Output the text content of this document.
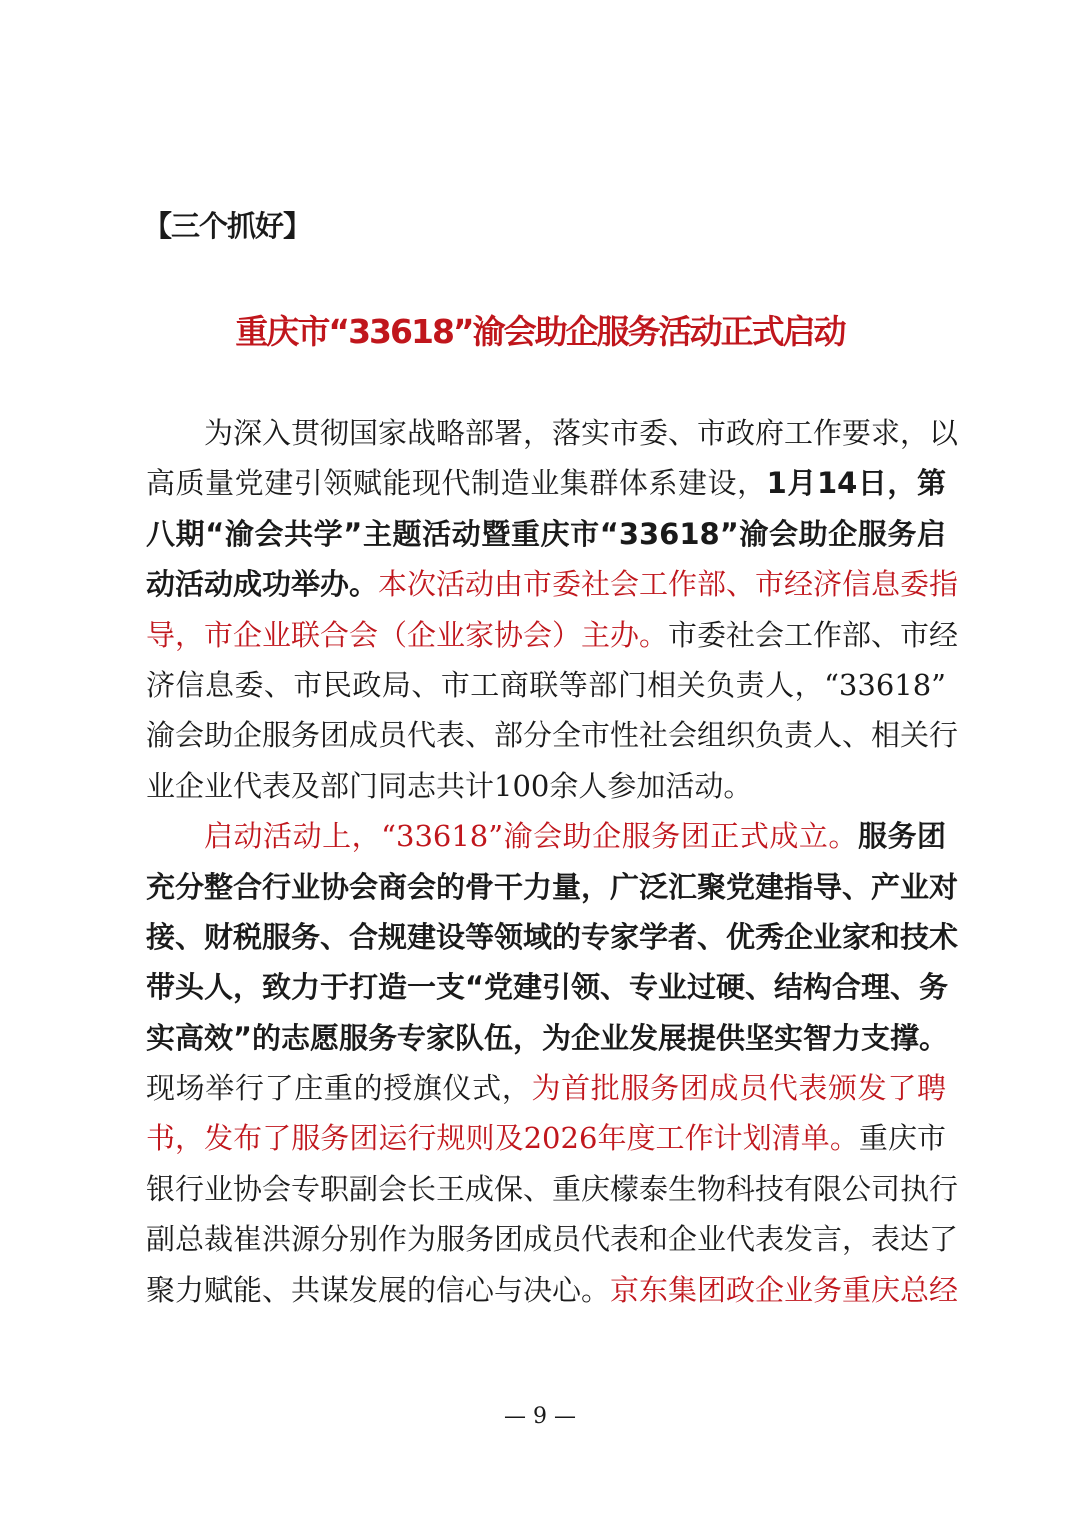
【三个抓好】
重庆市“33618”渝会助企服务活动正式启动
为深入贯彻国家战略部署，落实市委、市政府工作要求，以
高质量党建引领赋能现代制造业集群体系建设，1月14日，第
八期“渝会共学”主题活动暨重庆市“33618”渝会助企服务启
动活动成功举办。本次活动由市委社会工作部、市经济信息委指
导，市企业联合会（企业家协会）主办。市委社会工作部、市经
济信息委、市民政局、市工商联等部门相关负责人，“33618”
渝会助企服务团成员代表、部分全市性社会组织负责人、相关行
业企业代表及部门同志共计100余人参加活动。
启动活动上，“33618”渝会助企服务团正式成立。服务团
充分整合行业协会商会的骨干力量，广泛汇聚党建指导、产业对
接、财税服务、合规建设等领域的专家学者、优秀企业家和技术
带头人，致力于打造一支“党建引领、专业过硬、结构合理、务
实高效”的志愿服务专家队伍，为企业发展提供坚实智力支撑。
现场举行了庄重的授旗仪式，为首批服务团成员代表颁发了聘
书，发布了服务团运行规则及2026年度工作计划清单。重庆市
银行业协会专职副会长王成保、重庆檬泰生物科技有限公司执行
副总裁崔洪源分别作为服务团成员代表和企业代表发言，表达了
聚力赋能、共谋发展的信心与决心。京东集团政企业务重庆总经
— 9 —
